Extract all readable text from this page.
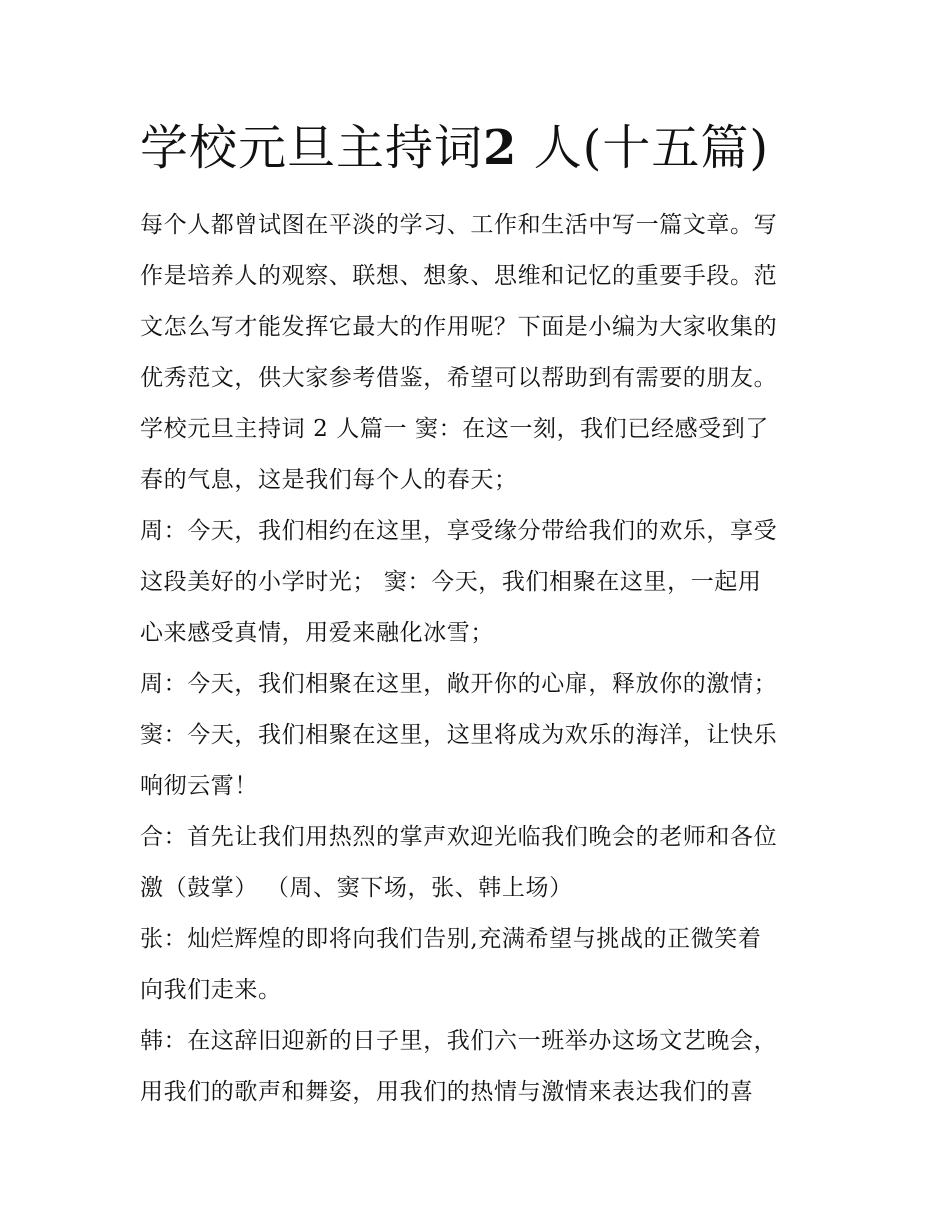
学校元旦主持词2 人(十五篇)

每个人都曾试图在平淡的学习、工作和生活中写一篇文章。写

作是培养人的观察、联想、想象、思维和记忆的重要手段。范

文怎么写才能发挥它最大的作用呢？下面是小编为大家收集的

优秀范文，供大家参考借鉴，希望可以帮助到有需要的朋友。

学校元旦主持词 2 人篇一 窦：在这一刻，我们已经感受到了

春的气息，这是我们每个人的春天；

周：今天，我们相约在这里，享受缘分带给我们的欢乐，享受

这段美好的小学时光； 窦：今天，我们相聚在这里，一起用

心来感受真情，用爱来融化冰雪；

周：今天，我们相聚在这里，敞开你的心扉，释放你的激情；

窦：今天，我们相聚在这里，这里将成为欢乐的海洋，让快乐

响彻云霄！

合：首先让我们用热烈的掌声欢迎光临我们晚会的老师和各位

激（鼓掌） （周、窦下场，张、韩上场）

张：灿烂辉煌的即将向我们告别,充满希望与挑战的正微笑着

向我们走来。

韩：在这辞旧迎新的日子里，我们六一班举办这场文艺晚会，

用我们的歌声和舞姿，用我们的热情与激情来表达我们的喜
